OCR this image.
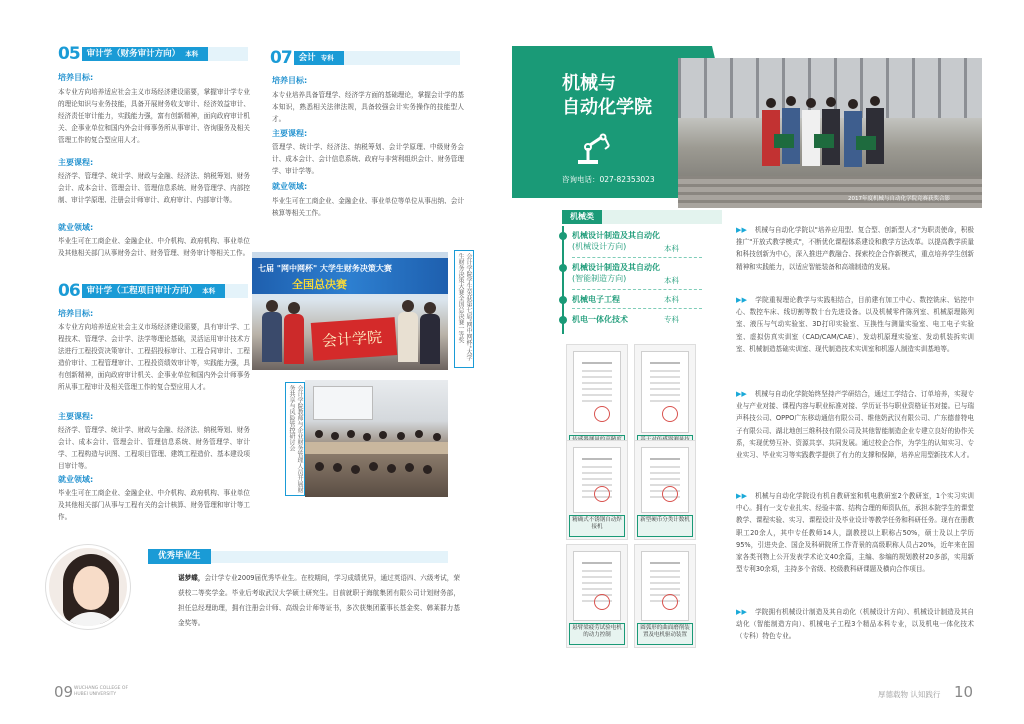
05 审计学（财务审计方向） 本科
培养目标:
本专业方向培养适应社会主义市场经济建设需要，掌握审计学专业的理论知识与业务技能，具备开展财务收支审计、经济效益审计、经济责任审计能力，实践能力强，富有创新精神，面向政府审计机关、企事业单位和国内外会计师事务所从事审计、咨询服务及相关管理工作的复合型应用人才。
主要课程:
经济学、管理学、统计学、财政与金融、经济法、纳税筹划、财务会计、成本会计、管理会计、管理信息系统、财务管理学、内部控制、审计学原理、注册会计师审计、政府审计、内部审计等。
就业领域:
毕业生可在工商企业、金融企业、中介机构、政府机构、事业单位及其他相关部门从事财务会计、财务管理、财务审计等相关工作。
06 审计学（工程项目审计方向） 本科
培养目标:
本专业方向培养适应社会主义市场经济建设需要，具有审计学、工程技术、管理学、会计学、法学等理论基础，灵活运用审计技术方法进行工程投资决策审计、工程招投标审计、工程合同审计、工程造价审计、工程管理审计、工程投资绩效审计等，实践能力强，具有创新精神，面向政府审计机关、企事业单位和国内外会计师事务所从事工程审计及相关管理工作的复合型应用人才。
主要课程:
经济学、管理学、统计学、财政与金融、经济法、纳税筹划、财务会计、成本会计、管理会计、管理信息系统、财务管理学、审计学、工程构造与识图、工程项目管理、建筑工程造价、基本建设项目审计等。
就业领域:
毕业生可在工商企业、金融企业、中介机构、政府机构、事业单位及其他相关部门从事与工程有关的会计核算、财务管理和审计等工作。
07 会计 专科
培养目标:
本专业培养具备管理学、经济学方面的基础理论，掌握会计学的基本知识，熟悉相关法律法规，具备较强会计实务操作的技能型人才。
主要课程:
管理学、统计学、经济法、纳税筹划、会计学原理、中级财务会计、成本会计、会计信息系统、政府与非营利组织会计、财务管理学、审计学等。
就业领域:
毕业生可在工商企业、金融企业、事业单位等单位从事出纳、会计核算等相关工作。
七届 "网中网杯" 大学生财务决策大赛
全国总决赛
会计学院	会计学院学生荣获第七届"网中网杯"大学生财务决策大赛全国总决赛一等奖
会计学院教师与企业财务管理人员开展财务共享与风险管控研讨会
优秀毕业生
谌梦蝶，会计学专业2009届优秀毕业生。在校期间，学习成绩优异，通过英语四、六级考试，荣获校二等奖学金。毕业后考取武汉大学硕士研究生。目前就职于海航集团有限公司计划财务部，担任总经理助理，拥有注册会计师、高级会计师等证书，多次获集团董事长基金奖、韩莱群力基金奖等。
09 WUCHANG COLLEGE OF
HUBEI UNIVERSITY
机械与
自动化学院
咨询电话：027-82353023
2017年度机械与自动化学院竞赛获奖合影
机械类
机械设计制造及其自动化
(机械设计方向)	本科
机械设计制造及其自动化
(智能制造方向)	本科
机械电子工程	本科
机电一体化技术	专科
精确式不锈钢自动焊接机
新型硬币分类计数机
悬臂梁疲劳试验电机的动力控制
圆弧形的曲面磨削装置及电机驱动装置
▶▶ 机械与自动化学院以"培养应用型、复合型、创新型人才"为职责使命，积极推广"开放式教学模式"，不断优化课程体系建设和教学方法改革。以提高教学质量和科技创新为中心，深入推进产教融合、探索校企合作新模式，重点培养学生创新精神和实践能力，以适应智能装备和高端制造的发展。
▶▶ 学院重视理论教学与实践相结合，目前建有加工中心、数控铣床、钻控中心、数控车床、线切割等数十台先进设备。以及机械零件陈列室、机械原理陈列室、液压与气动实验室、3D打印实验室、互换性与测量实验室、电工电子实验室、虚拟仿真实训室（CAD/CAM/CAE）、发动机原理实验室、发动机装拆实训室、机械制造基础实训室、现代制造技术实训室和机器人制造实训基地等。
▶▶ 机械与自动化学院始终坚持产学研结合，通过工学结合、订单培养，实现专业与产业对接、课程内容与职业标准对接、学历证书与职业资格证书对接。已与瑞声科技公司、OPPO广东移动通信有限公司、维他奶武汉有限公司、广东德普特电子有限公司、湖北地创三维科技有限公司及其他智能制造企业专建立良好的协作关系，实现优势互补、资源共享、共同发展。通过校企合作，为学生的认知实习、专业实习、毕业实习等实践教学提供了有力的支撑和保障，培养应用型新技术人才。
▶▶ 机械与自动化学院设有机自教研室和机电教研室2个教研室，1个实习实训中心。拥有一支专业扎实、经验丰富、结构合理的师资队伍，承担本院学生的课堂教学、课程实验、实习、课程设计及毕业设计等教学任务和科研任务。现有在册教职工20余人，其中专任教师14人，副教授以上职称占50%，硕士及以上学历95%，引进央企、国企及科研院所工作背景的高级职称人员占20%，近年来在国家各类刊物上公开发表学术论文40余篇，主编、参编的规划教材20多部，实用新型专利30余项，主持多个省级、校级教科研课题及横向合作项目。
▶▶ 学院拥有机械设计制造及其自动化（机械设计方向）、机械设计制造及其自动化（智能制造方向）、机械电子工程3个精品本科专业，以及机电一体化技术（专科）特色专业。
厚德载物 认知践行 10
